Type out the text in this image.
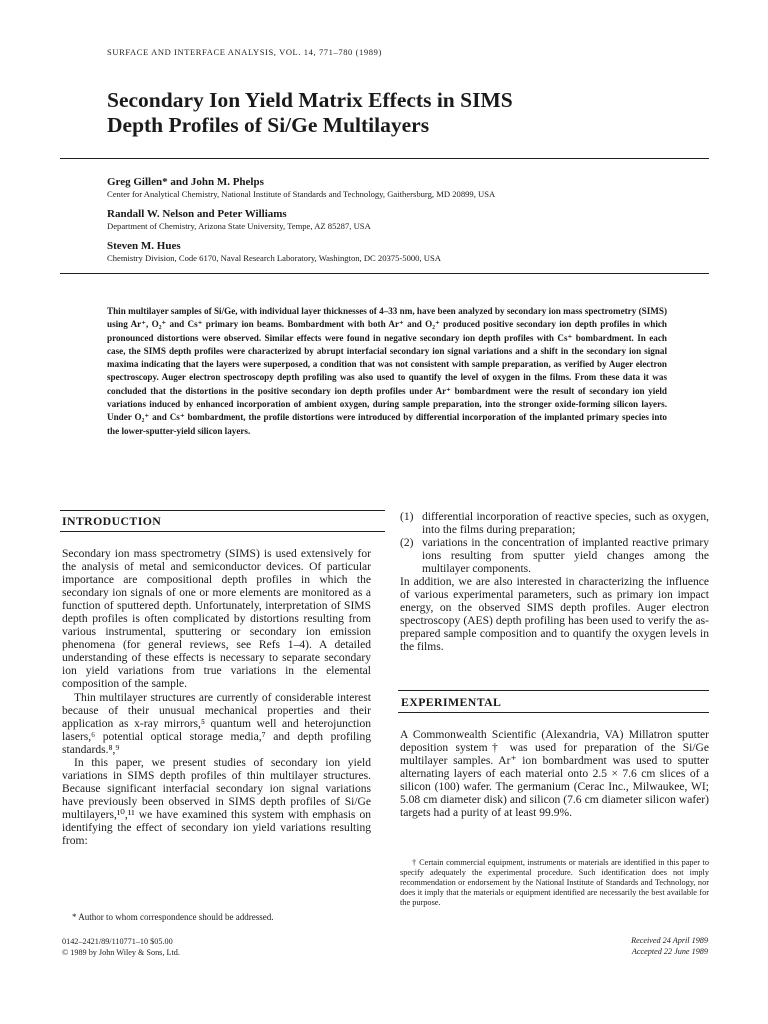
SURFACE AND INTERFACE ANALYSIS, VOL. 14, 771–780 (1989)
Secondary Ion Yield Matrix Effects in SIMS
Depth Profiles of Si/Ge Multilayers
Greg Gillen* and John M. Phelps
Center for Analytical Chemistry, National Institute of Standards and Technology, Gaithersburg, MD 20899, USA
Randall W. Nelson and Peter Williams
Department of Chemistry, Arizona State University, Tempe, AZ 85287, USA
Steven M. Hues
Chemistry Division, Code 6170, Naval Research Laboratory, Washington, DC 20375-5000, USA

Thin multilayer samples of Si/Ge, with individual layer thicknesses of 4–33 nm, have been analyzed by secondary ion mass spectrometry (SIMS) using Ar⁺, O₂⁺ and Cs⁺ primary ion beams. Bombardment with both Ar⁺ and O₂⁺ produced positive secondary ion depth profiles in which pronounced distortions were observed. Similar effects were found in negative secondary ion depth profiles with Cs⁺ bombardment. In each case, the SIMS depth profiles were characterized by abrupt interfacial secondary ion signal variations and a shift in the secondary ion signal maxima indicating that the layers were superposed, a condition that was not consistent with sample preparation, as verified by Auger electron spectroscopy. Auger electron spectroscopy depth profiling was also used to quantify the level of oxygen in the films. From these data it was concluded that the distortions in the positive secondary ion depth profiles under Ar⁺ bombardment were the result of secondary ion yield variations induced by enhanced incorporation of ambient oxygen, during sample preparation, into the stronger oxide-forming silicon layers. Under O₂⁺ and Cs⁺ bombardment, the profile distortions were introduced by differential incorporation of the implanted primary species into the lower-sputter-yield silicon layers.

INTRODUCTION

Secondary ion mass spectrometry (SIMS) is used extensively for the analysis of metal and semiconductor devices. Of particular importance are compositional depth profiles in which the secondary ion signals of one or more elements are monitored as a function of sputtered depth. Unfortunately, interpretation of SIMS depth profiles is often complicated by distortions resulting from various instrumental, sputtering or secondary ion emission phenomena (for general reviews, see Refs 1–4). A detailed understanding of these effects is necessary to separate secondary ion yield variations from true variations in the elemental composition of the sample.

Thin multilayer structures are currently of considerable interest because of their unusual mechanical properties and their application as x-ray mirrors,⁵ quantum well and heterojunction lasers,⁶ potential optical storage media,⁷ and depth profiling standards.⁸,⁹

In this paper, we present studies of secondary ion yield variations in SIMS depth profiles of thin multilayer structures. Because significant interfacial secondary ion signal variations have previously been observed in SIMS depth profiles of Si/Ge multilayers,¹⁰,¹¹ we have examined this system with emphasis on identifying the effect of secondary ion yield variations resulting from:

* Author to whom correspondence should be addressed.
0142–2421/89/110771–10 $05.00
© 1989 by John Wiley & Sons, Ltd.
(1) differential incorporation of reactive species, such as oxygen, into the films during preparation;
(2) variations in the concentration of implanted reactive primary ions resulting from sputter yield changes among the multilayer components.

In addition, we are also interested in characterizing the influence of various experimental parameters, such as primary ion impact energy, on the observed SIMS depth profiles. Auger electron spectroscopy (AES) depth profiling has been used to verify the as-prepared sample composition and to quantify the oxygen levels in the films.

EXPERIMENTAL

A Commonwealth Scientific (Alexandria, VA) Millatron sputter deposition system† was used for preparation of the Si/Ge multilayer samples. Ar⁺ ion bombardment was used to sputter alternating layers of each material onto 2.5 × 7.6 cm slices of a silicon (100) wafer. The germanium (Cerac Inc., Milwaukee, WI; 5.08 cm diameter disk) and silicon (7.6 cm diameter silicon wafer) targets had a purity of at least 99.9%.

† Certain commercial equipment, instruments or materials are identified in this paper to specify adequately the experimental procedure. Such identification does not imply recommendation or endorsement by the National Institute of Standards and Technology, nor does it imply that the materials or equipment identified are necessarily the best available for the purpose.
Received 24 April 1989
Accepted 22 June 1989
